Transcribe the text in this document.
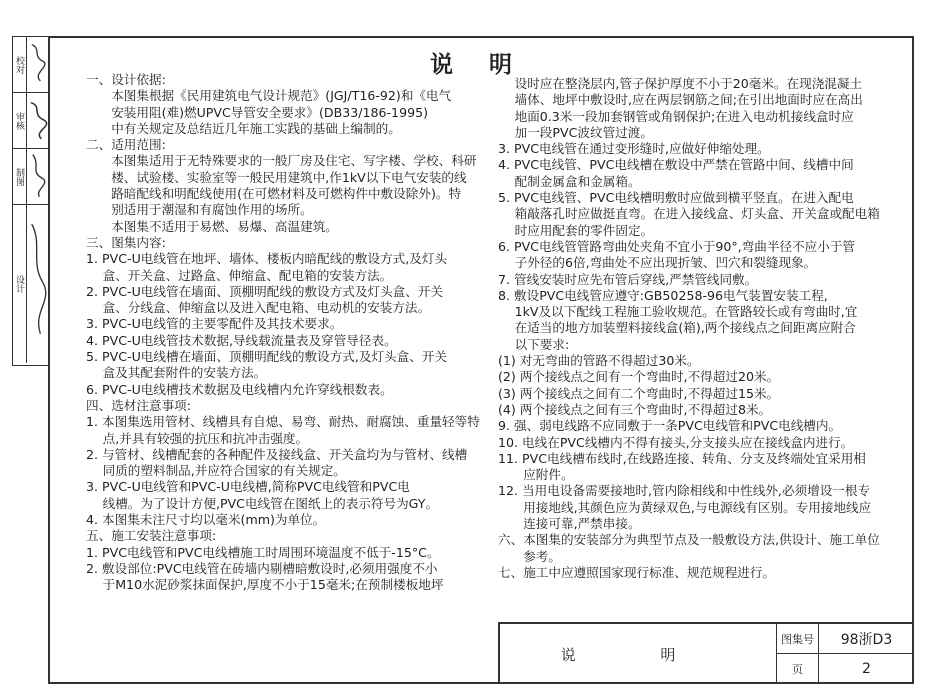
校对
审核
制图
设计
说 明

一、设计依据:

　　本图集根据《民用建筑电气设计规范》(JGJ/T16-92)和《电气

　　安装用阻(难)燃UPVC导管安全要求》(DB33/186-1995)

　　中有关规定及总结近几年施工实践的基础上编制的。

二、适用范围:

　　本图集适用于无特殊要求的一般厂房及住宅、写字楼、学校、科研

　　楼、试验楼、实验室等一般民用建筑中,作1kV以下电气安装的线

　　路暗配线和明配线使用(在可燃材料及可燃构件中敷设除外)。特

　　别适用于潮湿和有腐蚀作用的场所。

　　本图集不适用于易燃、易爆、高温建筑。

三、图集内容:

1. PVC-U电线管在地坪、墙体、楼板内暗配线的敷设方式,及灯头

　 盒、开关盒、过路盒、伸缩盒、配电箱的安装方法。

2. PVC-U电线管在墙面、顶棚明配线的敷设方式及灯头盒、开关

　 盒、分线盒、伸缩盒以及进入配电箱、电动机的安装方法。

3. PVC-U电线管的主要零配件及其技术要求。

4. PVC-U电线管技术数据,导线载流量表及穿管导径表。

5. PVC-U电线槽在墙面、顶棚明配线的敷设方式,及灯头盒、开关

　 盒及其配套附件的安装方法。

6. PVC-U电线槽技术数据及电线槽内允许穿线根数表。

四、选材注意事项:

1. 本图集选用管材、线槽具有自熄、易弯、耐热、耐腐蚀、重量轻等特

　 点,并具有较强的抗压和抗冲击强度。

2. 与管材、线槽配套的各种配件及接线盒、开关盒均为与管材、线槽

　 同质的塑料制品,并应符合国家的有关规定。

3. PVC-U电线管和PVC-U电线槽,简称PVC电线管和PVC电

　 线槽。为了设计方便,PVC电线管在图纸上的表示符号为GY。

4. 本图集未注尺寸均以毫米(mm)为单位。

五、施工安装注意事项:

1. PVC电线管和PVC电线槽施工时周围环境温度不低于-15°C。

2. 敷设部位:PVC电线管在砖墙内剔槽暗敷设时,必须用强度不小

　 于M10水泥砂浆抹面保护,厚度不小于15毫米;在预制楼板地坪

　 设时应在整浇层内,管子保护厚度不小于20毫米。在现浇混凝土

　 墙体、地坪中敷设时,应在两层钢筋之间;在引出地面时应在高出

　 地面0.3米一段加套钢管或角钢保护;在进入电动机接线盒时应

　 加一段PVC波纹管过渡。

3. PVC电线管在通过变形缝时,应做好伸缩处理。

4. PVC电线管、PVC电线槽在敷设中严禁在管路中间、线槽中间

　 配制金属盒和金属箱。

5. PVC电线管、PVC电线槽明敷时应做到横平竖直。在进入配电

　 箱敲落孔时应做挺直弯。在进入接线盒、灯头盒、开关盒或配电箱

　 时应用配套的零件固定。

6. PVC电线管管路弯曲处夹角不宜小于90°,弯曲半径不应小于管

　 子外径的6倍,弯曲处不应出现折皱、凹穴和裂缝现象。

7. 管线安装时应先布管后穿线,严禁管线同敷。

8. 敷设PVC电线管应遵守:GB50258-96电气装置安装工程,

　 1kV及以下配线工程施工验收规范。在管路较长或有弯曲时,宜

　 在适当的地方加装塑料接线盒(箱),两个接线点之间距离应附合

　 以下要求:

(1) 对无弯曲的管路不得超过30米。

(2) 两个接线点之间有一个弯曲时,不得超过20米。

(3) 两个接线点之间有二个弯曲时,不得超过15米。

(4) 两个接线点之间有三个弯曲时,不得超过8米。

9. 强、弱电线路不应同敷于一条PVC电线管和PVC电线槽内。

10. 电线在PVC线槽内不得有接头,分支接头应在接线盒内进行。

11. PVC电线槽布线时,在线路连接、转角、分支及终端处宜采用相

　　应附件。

12. 当用电设备需要接地时,管内除相线和中性线外,必须增设一根专

　　用接地线,其颜色应为黄绿双色,与电源线有区别。专用接地线应

　　连接可靠,严禁串接。

六、本图集的安装部分为典型节点及一般敷设方法,供设计、施工单位

　　参考。

七、施工中应遵照国家现行标准、规范规程进行。

说 明
图集号	98浙D3
页	2
